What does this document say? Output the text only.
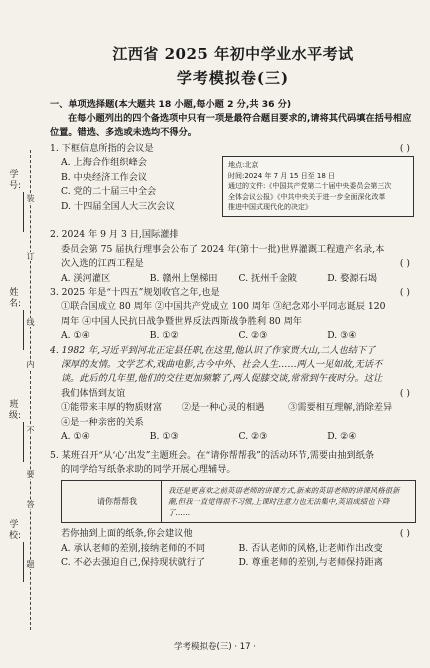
学号:
姓名:
班级:
学校:
装
订
线
内
不
要
答
题
江西省 2025 年初中学业水平考试
学考模拟卷(三)
一、单项选择题(本大题共 18 小题,每小题 2 分,共 36 分)
在每小题列出的四个备选项中只有一项是最符合题目要求的,请将其代码填在括号相应位置。错选、多选或未选均不得分。
1. 下框信息所指的会议是	( )
地点:北京
时间:2024 年 7 月 15 日至 18 日
通过的文件:《中国共产党第二十届中央委员会第三次
全体会议公报》《中共中央关于进一步全面深化改革
推进中国式现代化的决定》
A. 上海合作组织峰会
B. 中央经济工作会议
C. 党的二十届三中全会
D. 十四届全国人大三次会议
2. 2024 年 9 月 3 日,国际灌排
委员会第 75 届执行理事会公布了 2024 年(第十一批)世界灌溉工程遗产名录,本
次入选的江西工程是	( )
A. 渼河灌区	B. 赣州上堡梯田	C. 抚州千金陂	D. 婺源石堨
3. 2025 年是“十四五”规划收官之年,也是	( )
①联合国成立 80 周年 ②中国共产党成立 100 周年 ③纪念邓小平同志诞辰 120
周年 ④中国人民抗日战争暨世界反法西斯战争胜利 80 周年
A. ①④	B. ①②	C. ②③	D. ③④
4. 1982 年,习近平到河北正定县任职,在这里,他认识了作家贾大山,二人也结下了
深厚的友情。文学艺术,戏曲电影,古今中外、社会人生……两人一见如故,无话不
谈。此后的几年里,他们的交往更加频繁了,两人促膝交谈,常常到午夜时分。这让
我们体悟到友谊	( )
①能带来丰厚的物质财富	②是一种心灵的相遇	③需要相互理解,消除差异
④是一种亲密的关系
A. ①④	B. ①③	C. ②③	D. ②④
5. 某班召开“从‘心’出发”主题班会。在“请你帮帮我”的活动环节,需要由抽到纸条
的同学给写纸条求助的同学开展心理辅导。
请你帮帮我
我还是更喜欢之前英语老师的讲课方式,新来的英语老师的讲课风格很新潮,但我一直觉得很不习惯,上课时注意力也无法集中,英语成绩也下降了……
若你抽到上面的纸条,你会建议他	( )
A. 承认老师的差别,接纳老师的不同	B. 否认老师的风格,让老师作出改变
C. 不必去强迫自己,保持现状就行了	D. 尊重老师的差别,与老师保持距离
学考模拟卷(三) · 17 ·
